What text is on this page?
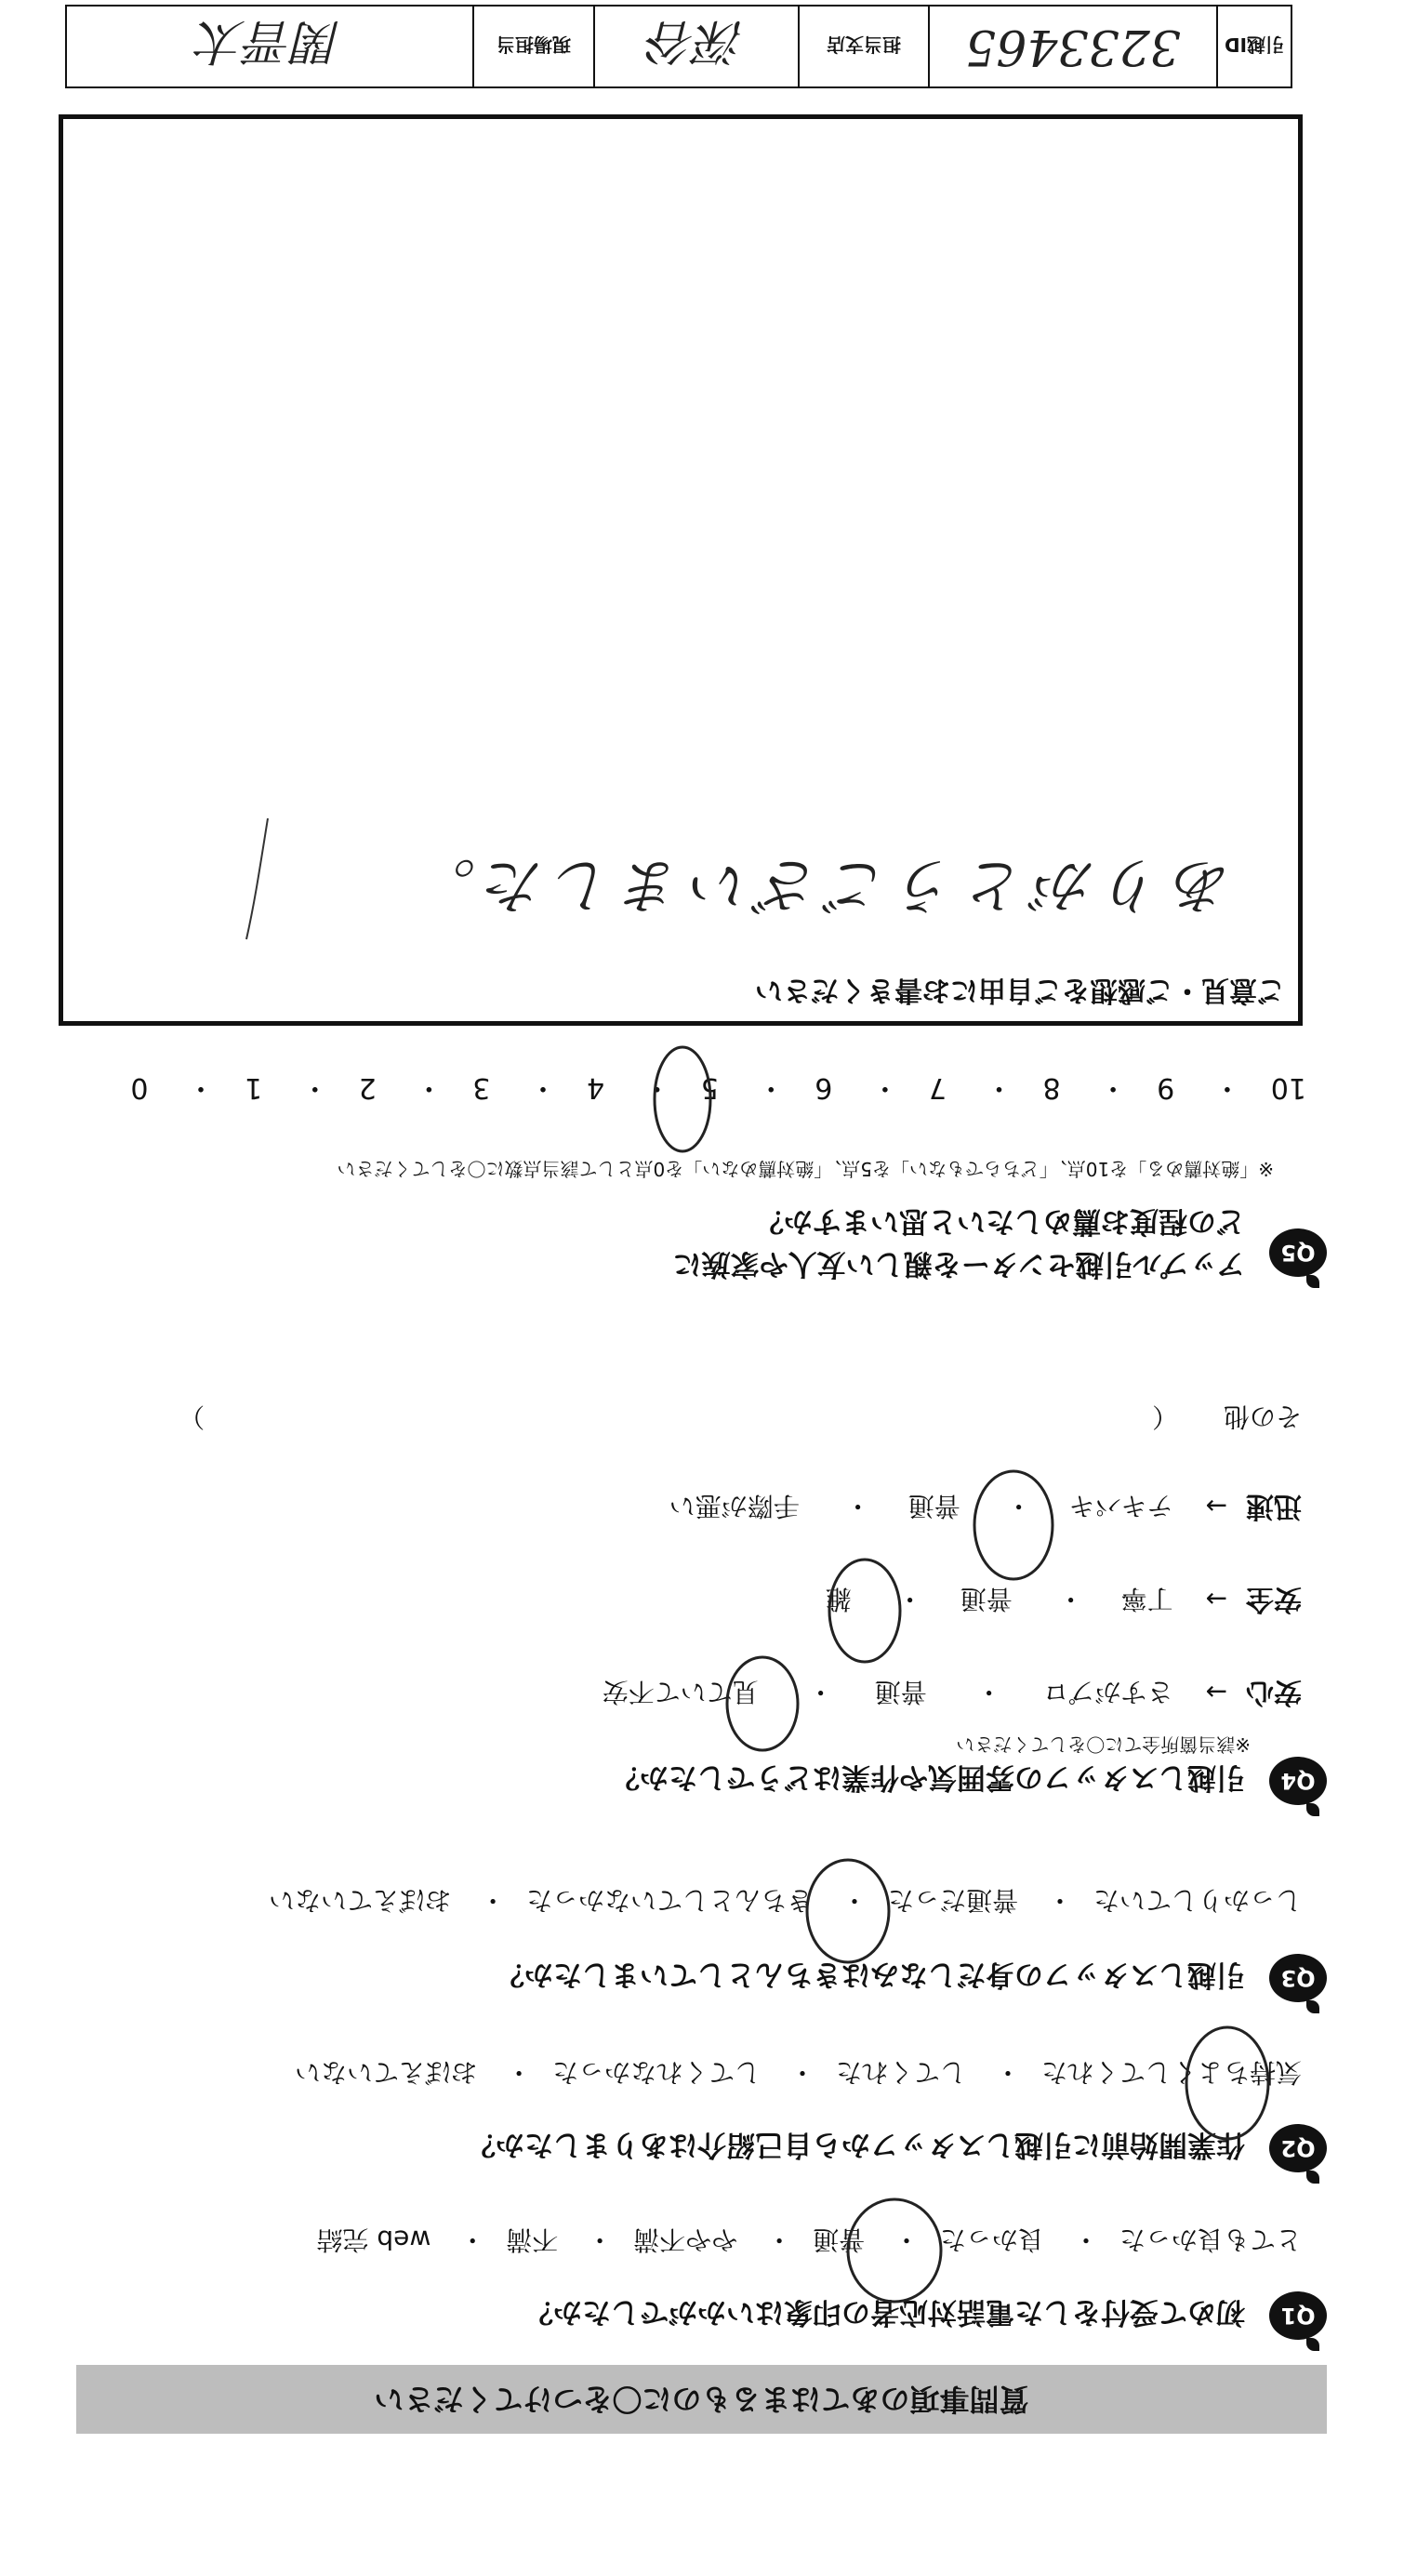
質問事項のあてはまるものに〇をつけてください
Q1
初めて受付をした電話対応者の印象はいかがでしたか？
とても良かった・ 良かった・ 普通・ やや不満・ 不満・ web 完結
Q2
作業開始前に引越しスタッフから自己紹介はありましたか？
気持ちよくしてくれた・ してくれた・ してくれなかった・ おぼえていない
Q3
引越しスタッフの身だしなみはきちんとしていましたか？
しっかりしていた・ 普通だった・ きちんとしていなかった・ おぼえていない
Q4
引越しスタッフの雰囲気や作業はどうでしたか？
※該当箇所全てに〇をしてください
安心→ さすがプロ・ 普通・ 見ていて不安
安全→ 丁寧・ 普通・ 雑
迅速→ テキパキ・ 普通・ 手際が悪い
その他 （ ）
Q5
アップル引越センターを親しい友人や家族に
どの程度お薦めしたいと思いますか？
※「絶対薦める」を10点、「どちらでもない」を5点、「絶対薦めない」を0点として該当点数に〇をしてください
10・ 9・ 8・ 7・ 6・ 5・ 4・ 3・ 2・ 1・ 0
ご意見・ご感想をご自由にお書きください
ありがとうございました。
引越ID
3233465
担当支店
深谷
現場担当
関晋太
